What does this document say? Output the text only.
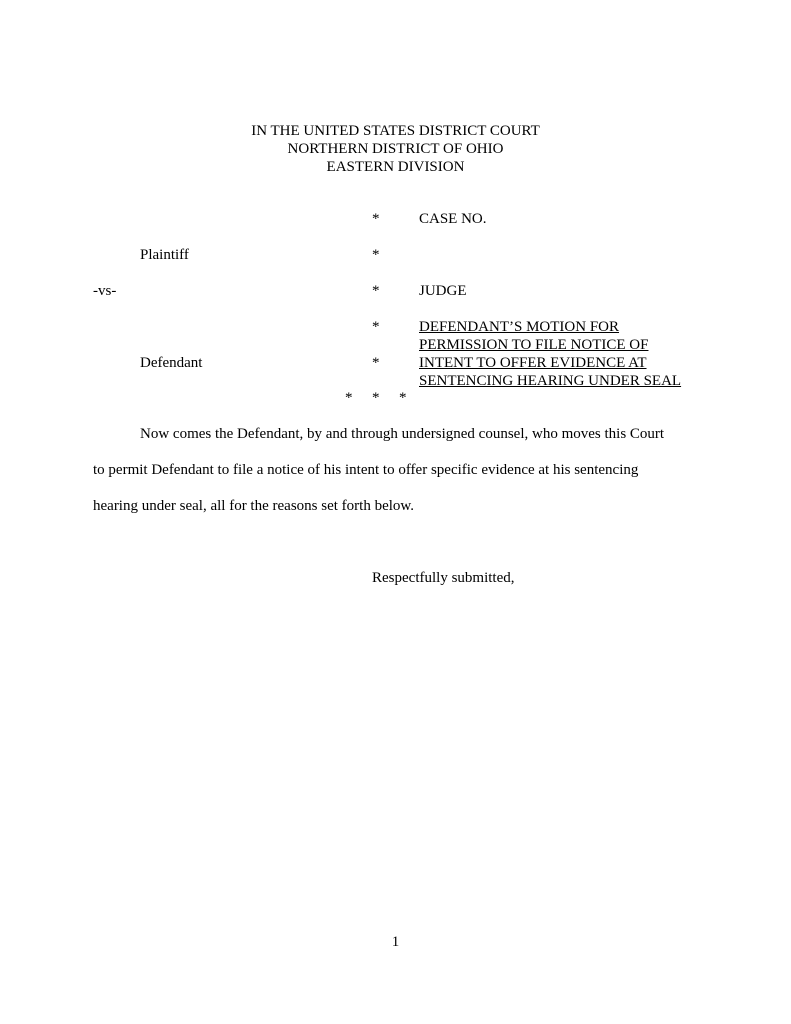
IN THE UNITED STATES DISTRICT COURT
NORTHERN DISTRICT OF OHIO
EASTERN DIVISION
*
*
*
*
*
CASE NO.
JUDGE
DEFENDANT’S MOTION FOR
PERMISSION TO FILE NOTICE OF
INTENT TO OFFER EVIDENCE AT
SENTENCING HEARING UNDER SEAL
Plaintiff
-vs-
Defendant
* * *
Now comes the Defendant, by and through undersigned counsel, who moves this Court
to permit Defendant to file a notice of his intent to offer specific evidence at his sentencing
hearing under seal, all for the reasons set forth below.
Respectfully submitted,
1
